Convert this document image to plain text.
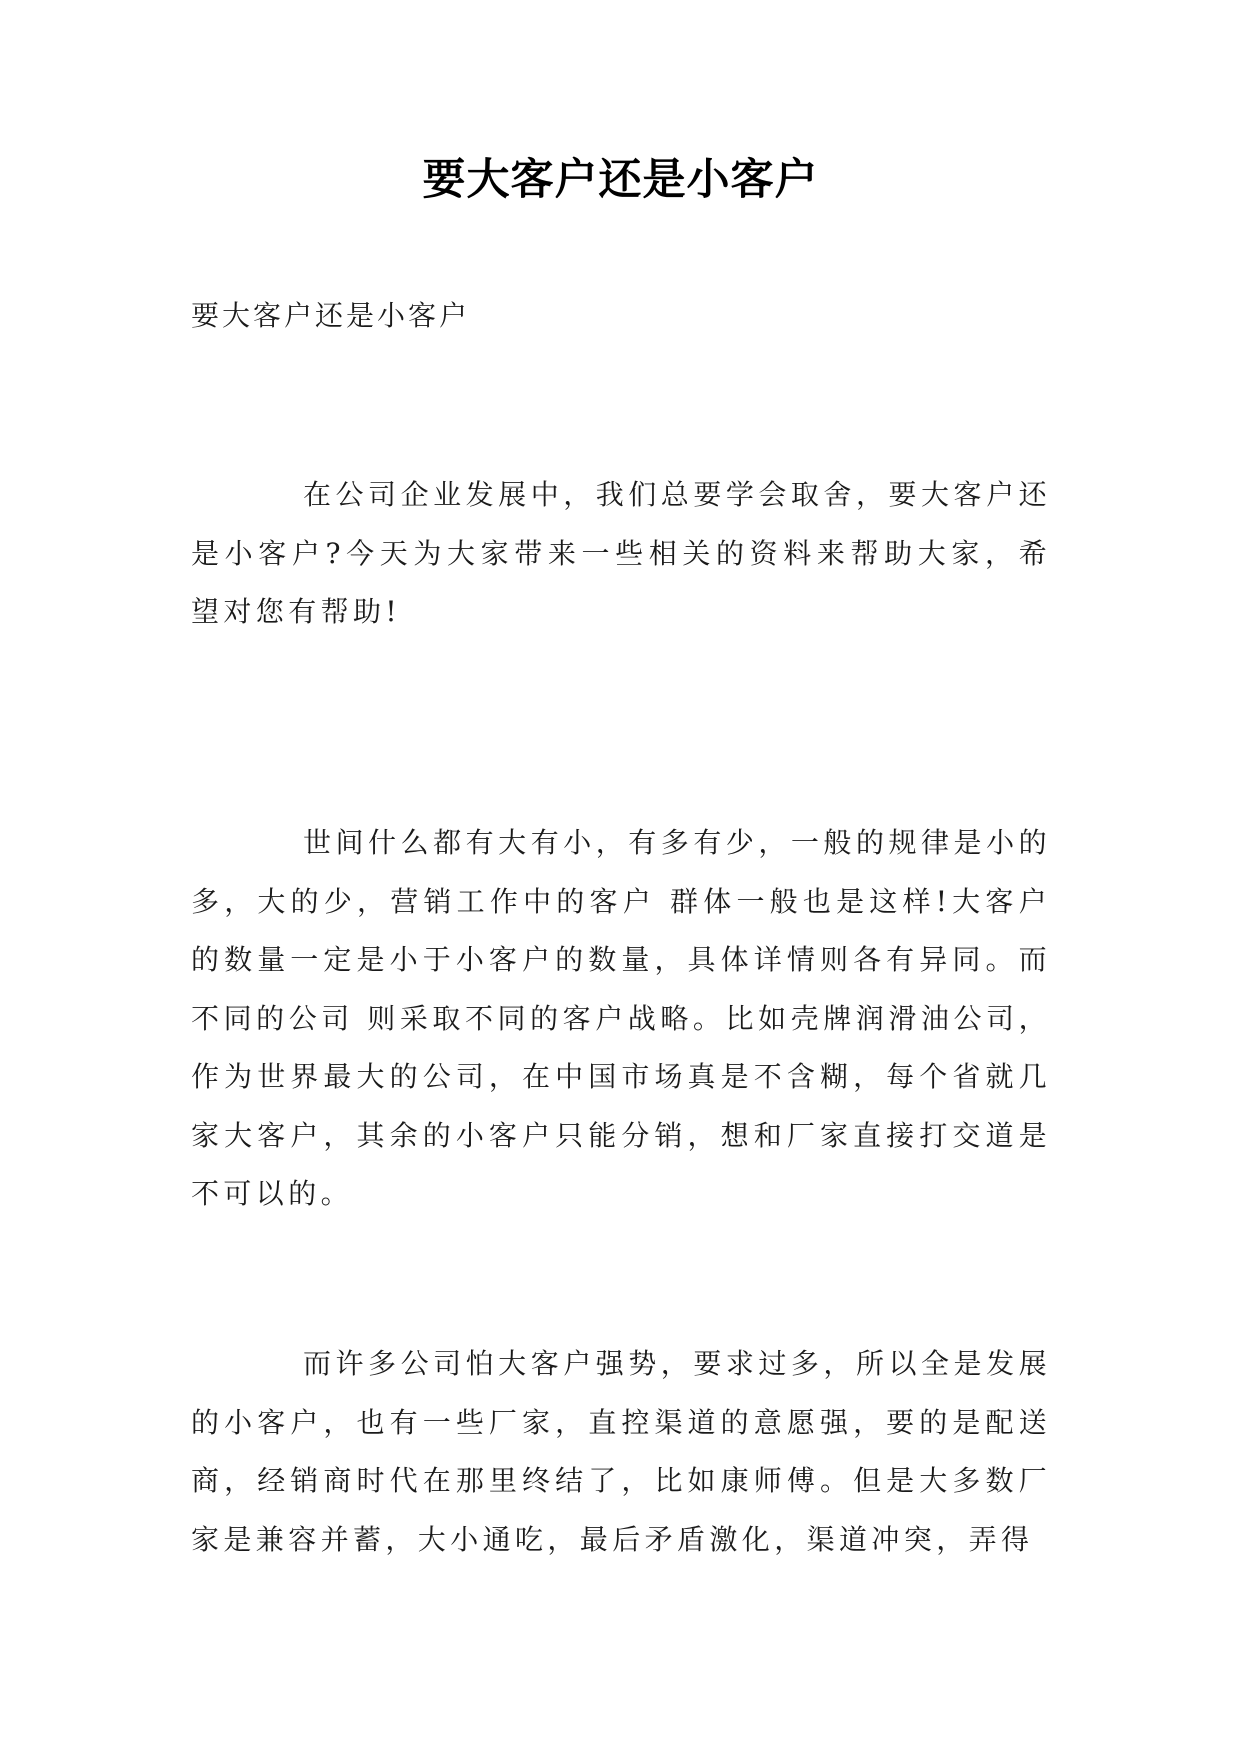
要大客户还是小客户

要大客户还是小客户

在公司企业发展中，我们总要学会取舍，要大客户还是小客户?今天为大家带来一些相关的资料来帮助大家，希望对您有帮助!

世间什么都有大有小，有多有少，一般的规律是小的多，大的少，营销工作中的客户 群体一般也是这样!大客户的数量一定是小于小客户的数量，具体详情则各有异同。而不同的公司 则采取不同的客户战略。比如壳牌润滑油公司，作为世界最大的公司，在中国市场真是不含糊，每个省就几家大客户，其余的小客户只能分销，想和厂家直接打交道是不可以的。

而许多公司怕大客户强势，要求过多，所以全是发展的小客户，也有一些厂家，直控渠道的意愿强，要的是配送商，经销商时代在那里终结了，比如康师傅。但是大多数厂家是兼容并蓄，大小通吃，最后矛盾激化，渠道冲突，弄得
